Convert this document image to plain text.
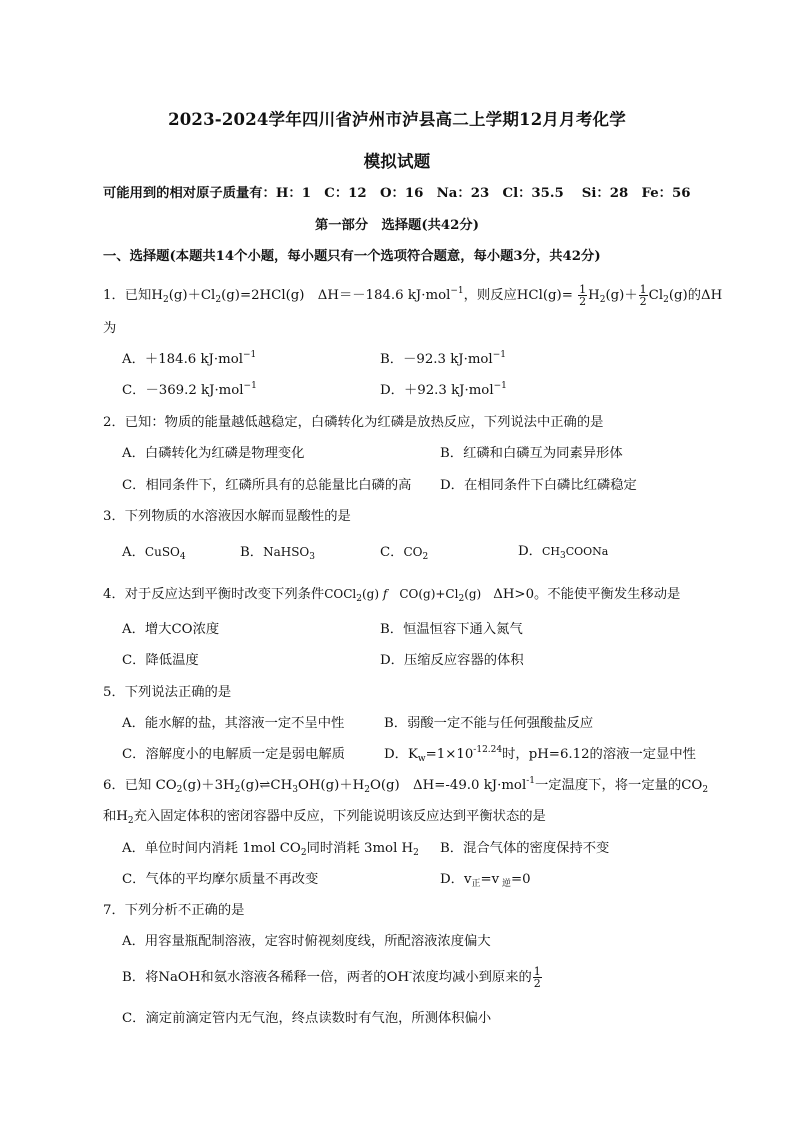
2023-2024学年四川省泸州市泸县高二上学期12月月考化学
模拟试题
可能用到的相对原子质量有：H：1　C：12　O：16　Na：23　Cl：35.5　 Si：28　Fe：56
第一部分　选择题(共42分)
一、选择题(本题共14个小题，每小题只有一个选项符合题意，每小题3分，共42分)
1．已知$H_2(g)+Cl_2(g)=2HCl(g)$　ΔH＝－184.6 kJ·mol$^{-1}$，则反应$HCl(g)= \frac{1}{2} H_2(g)+ \frac{1}{2} Cl_2(g)$的ΔH
为
A．＋184.6 kJ·mol$^{-1}$	B．－92.3 kJ·mol$^{-1}$
C．－369.2 kJ·mol$^{-1}$	D．＋92.3 kJ·mol$^{-1}$
2．已知：物质的能量越低越稳定，白磷转化为红磷是放热反应，下列说法中正确的是
A．白磷转化为红磷是物理变化	B．红磷和白磷互为同素异形体
C．相同条件下，红磷所具有的总能量比白磷的高 D．在相同条件下白磷比红磷稳定
3．下列物质的水溶液因水解而显酸性的是
A．CuSO$_4$	B．NaHSO$_3$	C．$CO_2$	D．$CH_3COONa$
4．对于反应达到平衡时改变下列条件COCl$_2$(g) f　$CO(g)+Cl_2(g)$　ΔH>0。不能使平衡发生移动是
A．增大CO浓度	B．恒温恒容下通入氮气
C．降低温度	D．压缩反应容器的体积
5．下列说法正确的是
A．能水解的盐，其溶液一定不呈中性	B．弱酸一定不能与任何强酸盐反应
C．溶解度小的电解质一定是弱电解质	D．$K_w=1\times 10^{-12.24}$时，pH=6.12的溶液一定显中性
6．已知 $CO_2(g)+3H_2(g)\rightleftharpoons CH_3OH(g)+H_2O(g)$　ΔH=-49.0 kJ·mol$^{-1}$一定温度下，将一定量的$CO_2$
和$H_2$充入固定体积的密闭容器中反应，下列能说明该反应达到平衡状态的是
A．单位时间内消耗 1mol $CO_2$同时消耗 3mol $H_2$ B．混合气体的密度保持不变
C．气体的平均摩尔质量不再改变	D．$v_正=v$ $_逆$=0
7．下列分析不正确的是
A．用容量瓶配制溶液，定容时俯视刻度线，所配溶液浓度偏大
B．将NaOH和氨水溶液各稀释一倍，两者的OH-浓度均减小到原来的 $\frac{1}{2}$
C．滴定前滴定管内无气泡，终点读数时有气泡，所测体积偏小
